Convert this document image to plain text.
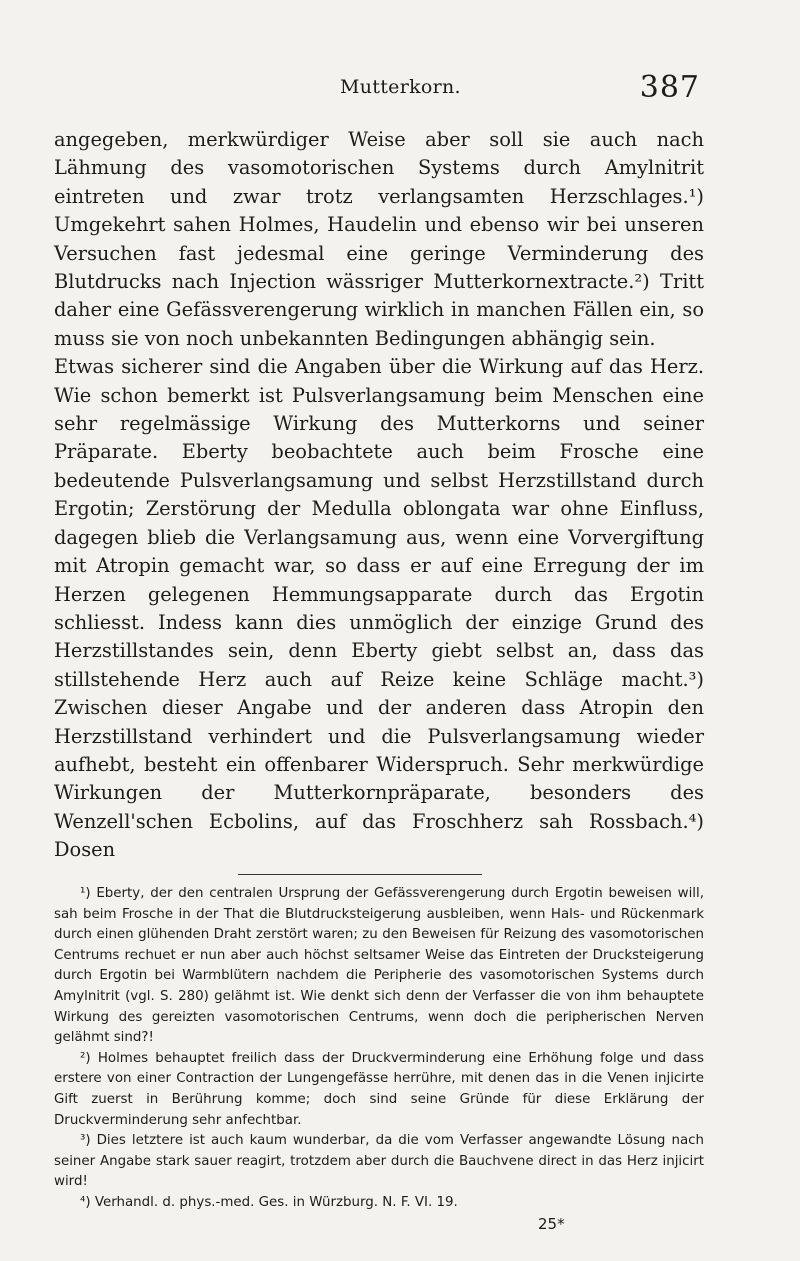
Mutterkorn.	387

angegeben, merkwürdiger Weise aber soll sie auch nach Lähmung des vasomotorischen Systems durch Amylnitrit eintreten und zwar trotz verlangsamten Herzschlages.¹) Umgekehrt sahen Holmes, Haudelin und ebenso wir bei unseren Versuchen fast jedesmal eine geringe Verminderung des Blutdrucks nach Injection wässriger Mutterkornextracte.²) Tritt daher eine Gefässverengerung wirklich in manchen Fällen ein, so muss sie von noch unbekannten Bedingungen abhängig sein.

Etwas sicherer sind die Angaben über die Wirkung auf das Herz. Wie schon bemerkt ist Pulsverlangsamung beim Menschen eine sehr regelmässige Wirkung des Mutterkorns und seiner Präparate. Eberty beobachtete auch beim Frosche eine bedeutende Pulsverlangsamung und selbst Herzstillstand durch Ergotin; Zerstörung der Medulla oblongata war ohne Einfluss, dagegen blieb die Verlangsamung aus, wenn eine Vorvergiftung mit Atropin gemacht war, so dass er auf eine Erregung der im Herzen gelegenen Hemmungsapparate durch das Ergotin schliesst. Indess kann dies unmöglich der einzige Grund des Herzstillstandes sein, denn Eberty giebt selbst an, dass das stillstehende Herz auch auf Reize keine Schläge macht.³) Zwischen dieser Angabe und der anderen dass Atropin den Herzstillstand verhindert und die Pulsverlangsamung wieder aufhebt, besteht ein offenbarer Widerspruch. Sehr merkwürdige Wirkungen der Mutterkornpräparate, besonders des Wenzell'schen Ecbolins, auf das Froschherz sah Rossbach.⁴) Dosen

¹) Eberty, der den centralen Ursprung der Gefässverengerung durch Ergotin beweisen will, sah beim Frosche in der That die Blutdrucksteigerung ausbleiben, wenn Hals- und Rückenmark durch einen glühenden Draht zerstört waren; zu den Beweisen für Reizung des vasomotorischen Centrums rechuet er nun aber auch höchst seltsamer Weise das Eintreten der Drucksteigerung durch Ergotin bei Warmblütern nachdem die Peripherie des vasomotorischen Systems durch Amylnitrit (vgl. S. 280) gelähmt ist. Wie denkt sich denn der Verfasser die von ihm behauptete Wirkung des gereizten vasomotorischen Centrums, wenn doch die peripherischen Nerven gelähmt sind?!

²) Holmes behauptet freilich dass der Druckverminderung eine Erhöhung folge und dass erstere von einer Contraction der Lungengefässe herrühre, mit denen das in die Venen injicirte Gift zuerst in Berührung komme; doch sind seine Gründe für diese Erklärung der Druckverminderung sehr anfechtbar.

³) Dies letztere ist auch kaum wunderbar, da die vom Verfasser angewandte Lösung nach seiner Angabe stark sauer reagirt, trotzdem aber durch die Bauchvene direct in das Herz injicirt wird!

⁴) Verhandl. d. phys.-med. Ges. in Würzburg. N. F. VI. 19.

25*
